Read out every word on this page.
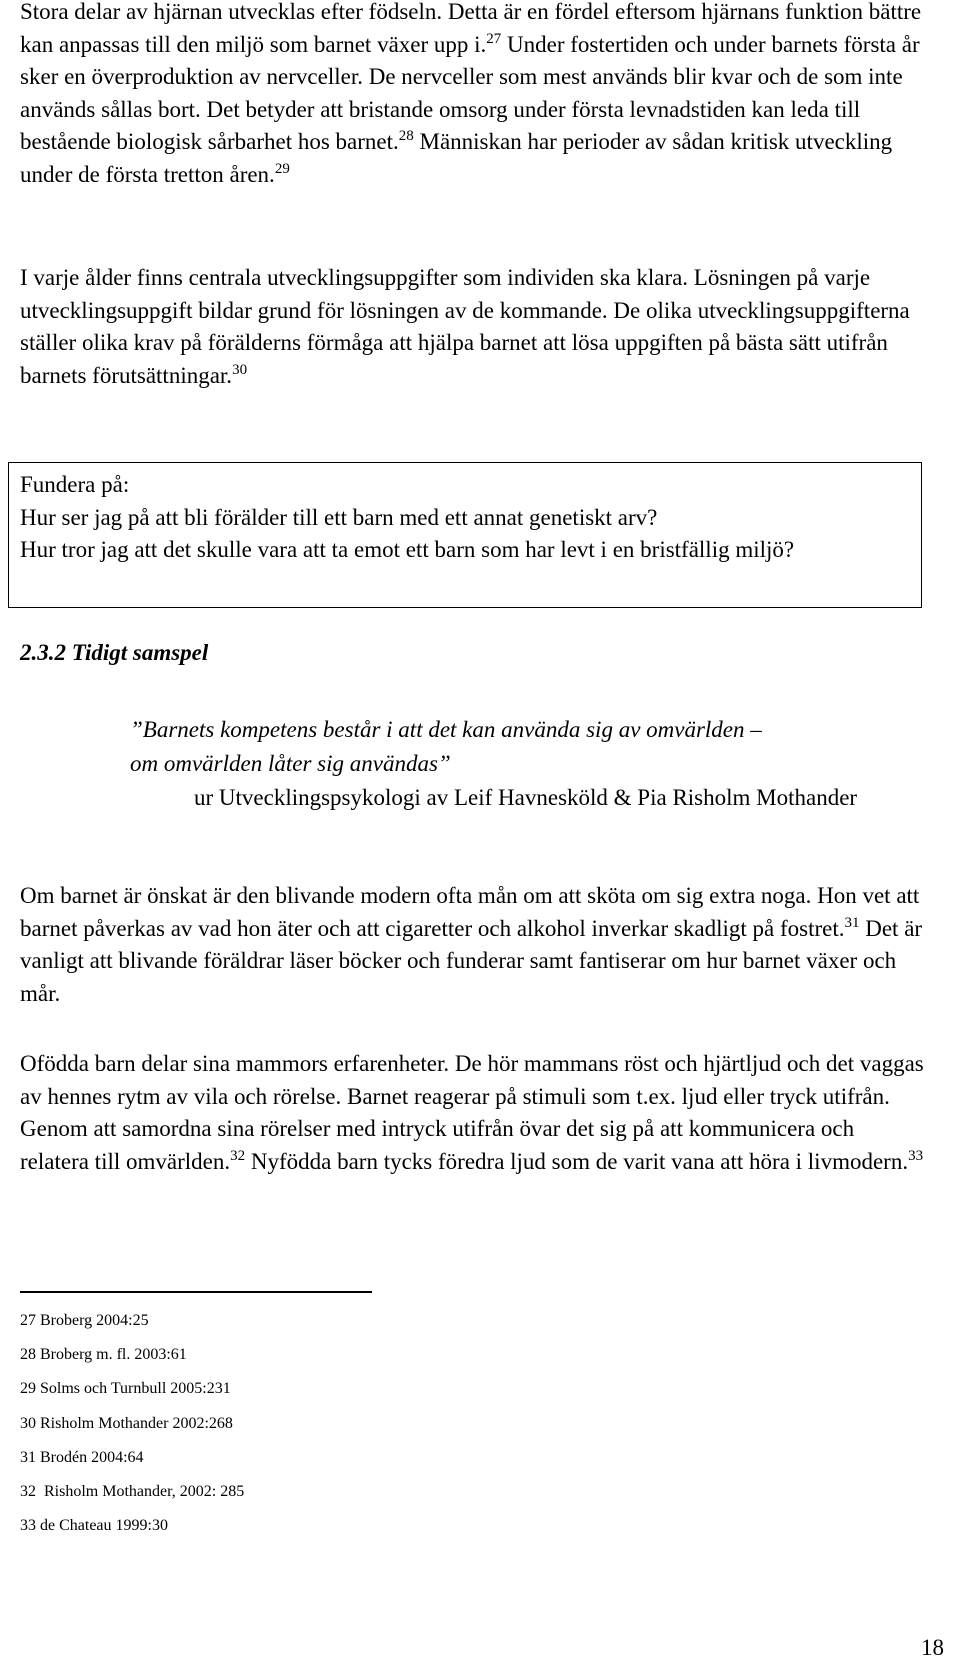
Stora delar av hjärnan utvecklas efter födseln. Detta är en fördel eftersom hjärnans funktion bättre kan anpassas till den miljö som barnet växer upp i.$^{27}$ Under fostertiden och under barnets första år sker en överproduktion av nervceller. De nervceller som mest används blir kvar och de som inte används sållas bort. Det betyder att bristande omsorg under första levnadstiden kan leda till bestående biologisk sårbarhet hos barnet.$^{28}$ Människan har perioder av sådan kritisk utveckling under de första tretton åren.$^{29}$

I varje ålder finns centrala utvecklingsuppgifter som individen ska klara. Lösningen på varje utvecklingsuppgift bildar grund för lösningen av de kommande. De olika utvecklingsuppgifterna ställer olika krav på förälderns förmåga att hjälpa barnet att lösa uppgiften på bästa sätt utifrån barnets förutsättningar.$^{30}$

Fundera på:
Hur ser jag på att bli förälder till ett barn med ett annat genetiskt arv?
Hur tror jag att det skulle vara att ta emot ett barn som har levt i en bristfällig miljö?
2.3.2 Tidigt samspel
”Barnets kompetens består i att det kan använda sig av omvärlden –
om omvärlden låter sig användas”
ur Utvecklingspsykologi av Leif Havnesköld & Pia Risholm Mothander

Om barnet är önskat är den blivande modern ofta mån om att sköta om sig extra noga. Hon vet att barnet påverkas av vad hon äter och att cigaretter och alkohol inverkar skadligt på fostret.$^{31}$ Det är vanligt att blivande föräldrar läser böcker och funderar samt fantiserar om hur barnet växer och mår.

Ofödda barn delar sina mammors erfarenheter. De hör mammans röst och hjärtljud och det vaggas av hennes rytm av vila och rörelse. Barnet reagerar på stimuli som t.ex. ljud eller tryck utifrån. Genom att samordna sina rörelser med intryck utifrån övar det sig på att kommunicera och relatera till omvärlden.$^{32}$ Nyfödda barn tycks föredra ljud som de varit vana att höra i livmodern.$^{33}$

27 Broberg 2004:25
28 Broberg m. fl. 2003:61
29 Solms och Turnbull 2005:231
30 Risholm Mothander 2002:268
31 Brodén 2004:64
32  Risholm Mothander, 2002: 285
33 de Chateau 1999:30
18
